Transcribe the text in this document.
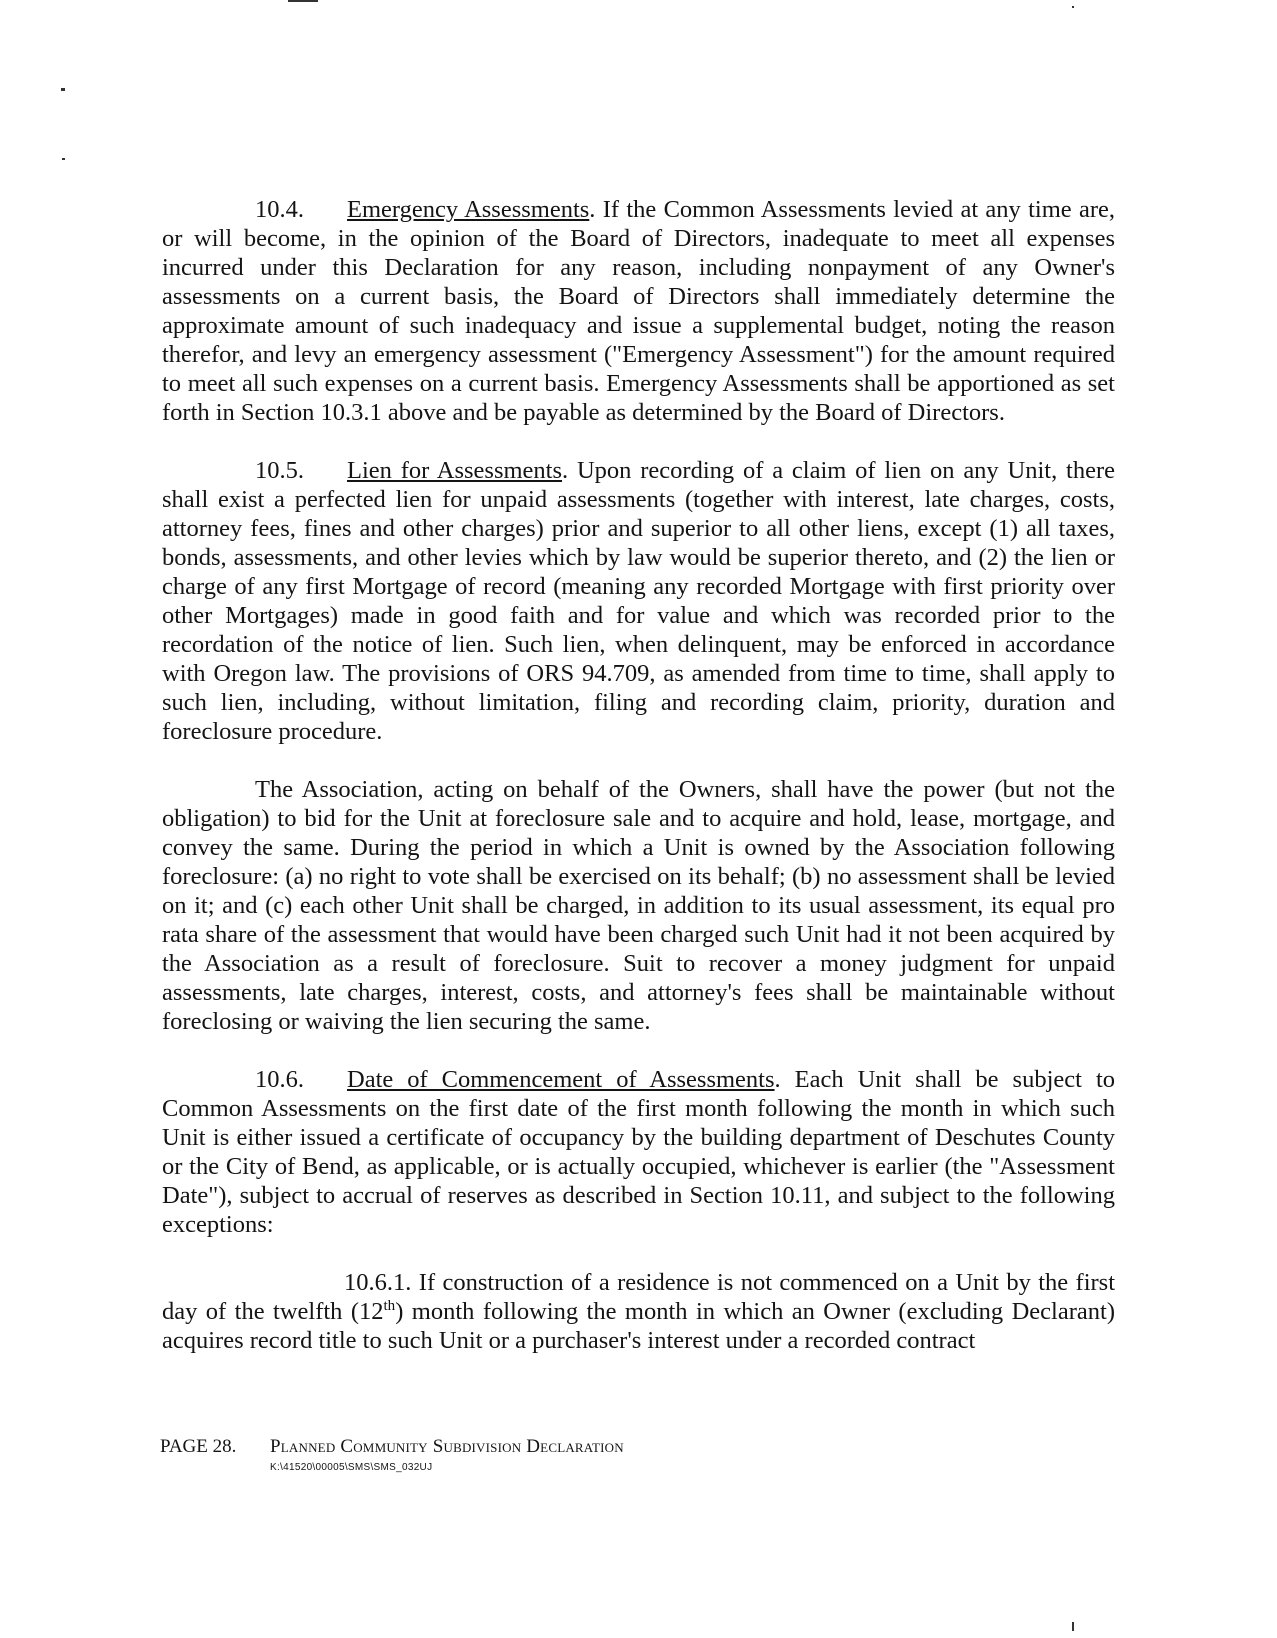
10.4. Emergency Assessments. If the Common Assessments levied at any time are, or will become, in the opinion of the Board of Directors, inadequate to meet all expenses incurred under this Declaration for any reason, including nonpayment of any Owner's assessments on a current basis, the Board of Directors shall immediately determine the approximate amount of such inadequacy and issue a supplemental budget, noting the reason therefor, and levy an emergency assessment ("Emergency Assessment") for the amount required to meet all such expenses on a current basis. Emergency Assessments shall be apportioned as set forth in Section 10.3.1 above and be payable as determined by the Board of Directors.

10.5. Lien for Assessments. Upon recording of a claim of lien on any Unit, there shall exist a perfected lien for unpaid assessments (together with interest, late charges, costs, attorney fees, fines and other charges) prior and superior to all other liens, except (1) all taxes, bonds, assessments, and other levies which by law would be superior thereto, and (2) the lien or charge of any first Mortgage of record (meaning any recorded Mortgage with first priority over other Mortgages) made in good faith and for value and which was recorded prior to the recordation of the notice of lien. Such lien, when delinquent, may be enforced in accordance with Oregon law. The provisions of ORS 94.709, as amended from time to time, shall apply to such lien, including, without limitation, filing and recording claim, priority, duration and foreclosure procedure.

The Association, acting on behalf of the Owners, shall have the power (but not the obligation) to bid for the Unit at foreclosure sale and to acquire and hold, lease, mortgage, and convey the same. During the period in which a Unit is owned by the Association following foreclosure: (a) no right to vote shall be exercised on its behalf; (b) no assessment shall be levied on it; and (c) each other Unit shall be charged, in addition to its usual assessment, its equal pro rata share of the assessment that would have been charged such Unit had it not been acquired by the Association as a result of foreclosure. Suit to recover a money judgment for unpaid assessments, late charges, interest, costs, and attorney's fees shall be maintainable without foreclosing or waiving the lien securing the same.

10.6. Date of Commencement of Assessments. Each Unit shall be subject to Common Assessments on the first date of the first month following the month in which such Unit is either issued a certificate of occupancy by the building department of Deschutes County or the City of Bend, as applicable, or is actually occupied, whichever is earlier (the "Assessment Date"), subject to accrual of reserves as described in Section 10.11, and subject to the following exceptions:

10.6.1. If construction of a residence is not commenced on a Unit by the first day of the twelfth (12th) month following the month in which an Owner (excluding Declarant) acquires record title to such Unit or a purchaser's interest under a recorded contract

PAGE 28. Planned Community Subdivision Declaration
K:\41520\00005\SMS\SMS_032UJ
